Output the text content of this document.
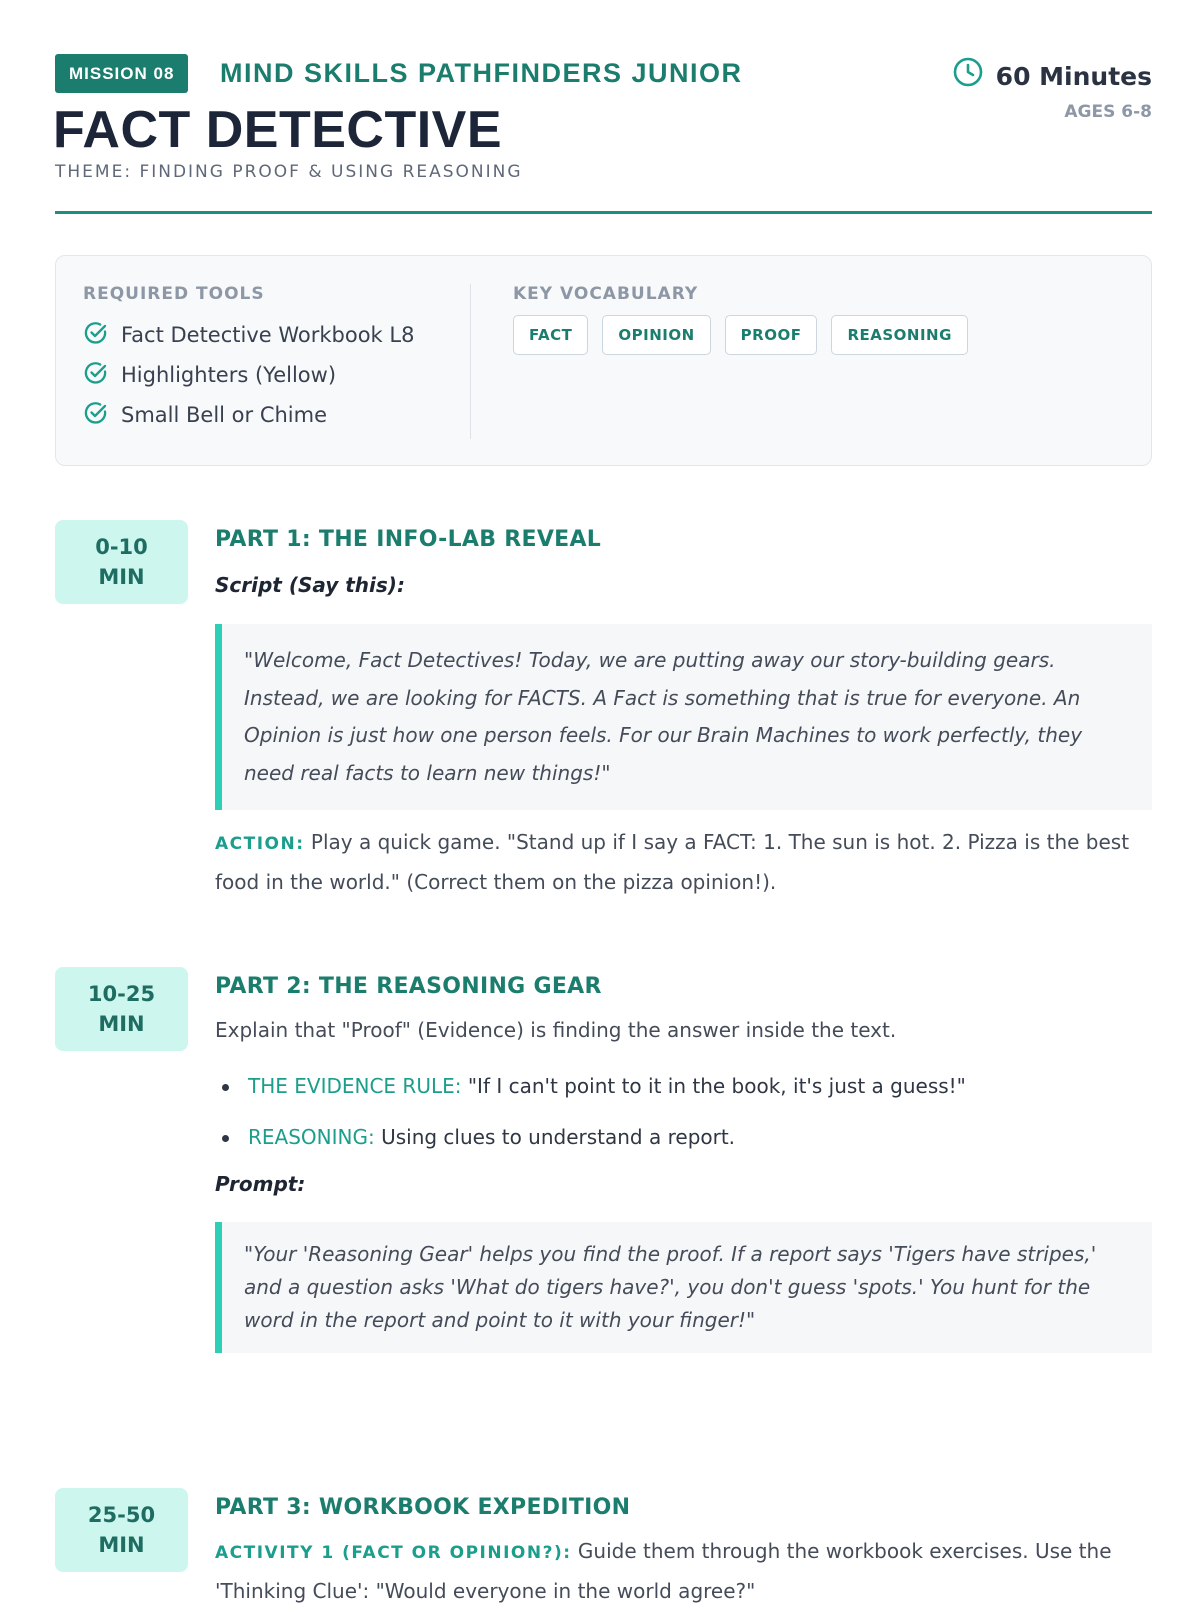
MISSION 08	MIND SKILLS PATHFINDERS JUNIOR
FACT DETECTIVE
THEME: FINDING PROOF & USING REASONING
60 Minutes
AGES 6-8
REQUIRED TOOLS
Fact Detective Workbook L8
Highlighters (Yellow)
Small Bell or Chime
KEY VOCABULARY
FACT	OPINION	PROOF	REASONING
0-10
MIN
PART 1: THE INFO-LAB REVEAL
Script (Say this):
"Welcome, Fact Detectives! Today, we are putting away our story-building gears. Instead, we are looking for FACTS. A Fact is something that is true for everyone. An Opinion is just how one person feels. For our Brain Machines to work perfectly, they need real facts to learn new things!"
ACTION: Play a quick game. "Stand up if I say a FACT: 1. The sun is hot. 2. Pizza is the best food in the world." (Correct them on the pizza opinion!).
10-25
MIN
PART 2: THE REASONING GEAR
Explain that "Proof" (Evidence) is finding the answer inside the text.
THE EVIDENCE RULE: "If I can't point to it in the book, it's just a guess!"
REASONING: Using clues to understand a report.
Prompt:
"Your 'Reasoning Gear' helps you find the proof. If a report says 'Tigers have stripes,' and a question asks 'What do tigers have?', you don't guess 'spots.' You hunt for the word in the report and point to it with your finger!"
25-50
MIN
PART 3: WORKBOOK EXPEDITION
ACTIVITY 1 (FACT OR OPINION?): Guide them through the workbook exercises. Use the 'Thinking Clue': "Would everyone in the world agree?"
